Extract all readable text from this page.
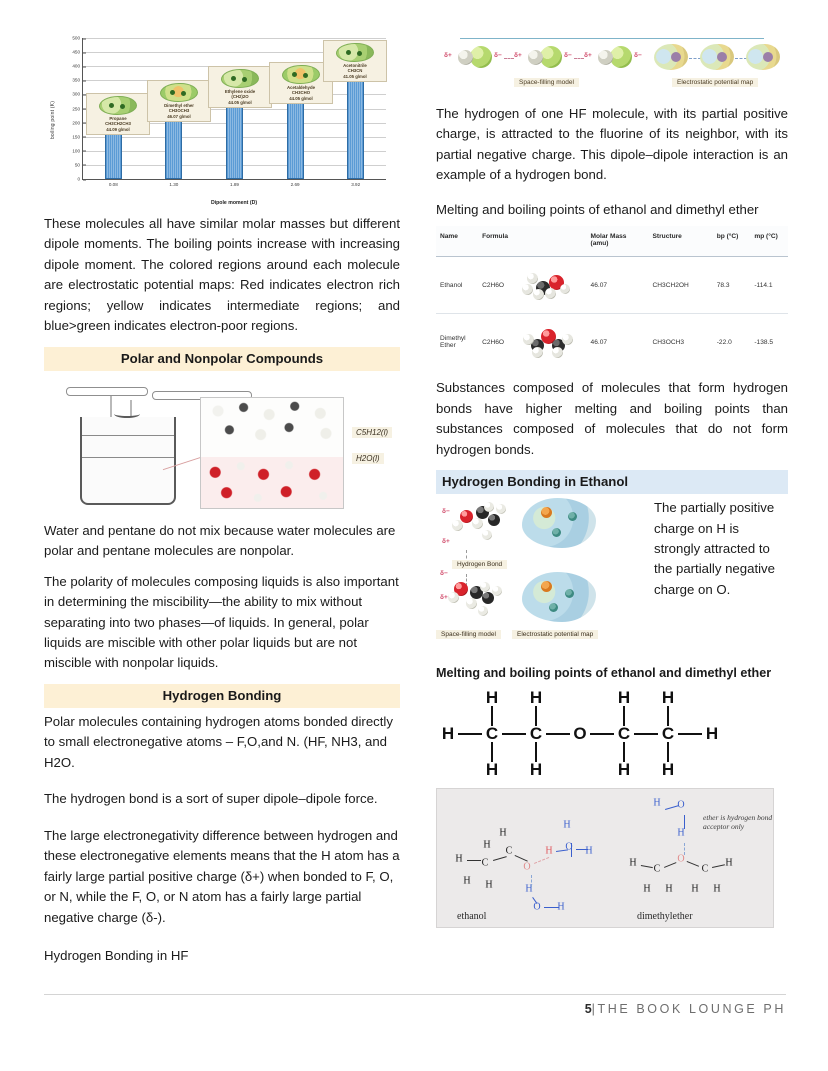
boiling point (K)
500
450
400
350
300
250
200
150
100
50
0
0.08	1.30	1.89	2.69	3.92
Propane
CH3CH2CH3
44.09 g/mol
Dimethyl ether
CH3OCH3
46.07 g/mol
Ethylene oxide
(CH2)2O
44.05 g/mol
Acetaldehyde
CH3CHO
44.05 g/mol
Acetonitrile
CH3CN
41.05 g/mol
Dipole moment (D)

These molecules all have similar molar masses but different dipole moments. The boiling points increase with increasing dipole moment. The colored regions around each molecule are electrostatic potential maps: Red indicates electron rich regions; yellow indicates intermediate regions; and blue>green indicates electron-poor regions.

Polar and Nonpolar Compounds
C5H12(l)
H2O(l)

Water and pentane do not mix because water molecules are polar and pentane molecules are nonpolar.

The polarity of molecules composing liquids is also important in determining the miscibility—the ability to mix without separating into two phases—of liquids. In general, polar liquids are miscible with other polar liquids but are not miscible with nonpolar liquids.

Hydrogen Bonding

Polar molecules containing hydrogen atoms bonded directly to small electronegative atoms – F,O,and N. (HF, NH3, and H2O.

The hydrogen bond is a sort of super dipole–dipole force.

The large electronegativity difference between hydrogen and these electronegative elements means that the H atom has a fairly large partial positive charge (δ+) when bonded to F, O, or N, while the F, O, or N atom has a fairly large partial negative charge (δ-).

Hydrogen Bonding in HF

δ+	δ− δ+	δ− δ+	δ−
Space-filling model	Electrostatic potential map

The hydrogen of one HF molecule, with its partial positive charge, is attracted to the fluorine of its neighbor, with its partial negative charge. This dipole–dipole interaction is an example of a hydrogen bond.

Melting and boiling points of ethanol and dimethyl ether

Name	Formula		Molar Mass (amu)	Structure	bp (°C)	mp (°C)
Ethanol	C2H6O		46.07	CH3CH2OH	78.3	-114.1
Dimethyl Ether	C2H6O		46.07	CH3OCH3	-22.0	-138.5

Substances composed of molecules that form hydrogen bonds have higher melting and boiling points than substances composed of molecules that do not form hydrogen bonds.

Hydrogen Bonding in Ethanol
δ−
δ+
Hydrogen Bond
δ−
δ+
Space-filling model	Electrostatic potential map

The partially positive charge on H is strongly attracted to the partially negative charge on O.

Melting and boiling points of ethanol and dimethyl ether

H C C O C C H
H H	H H
H H	H H
H C
H H
H
C
H
O
H O
H
H
H
O H
H
C
H H
O
C
H
H H
H
O
H
ether is hydrogen bond acceptor only
ethanol	dimethylether
5|THE BOOK LOUNGE PH
